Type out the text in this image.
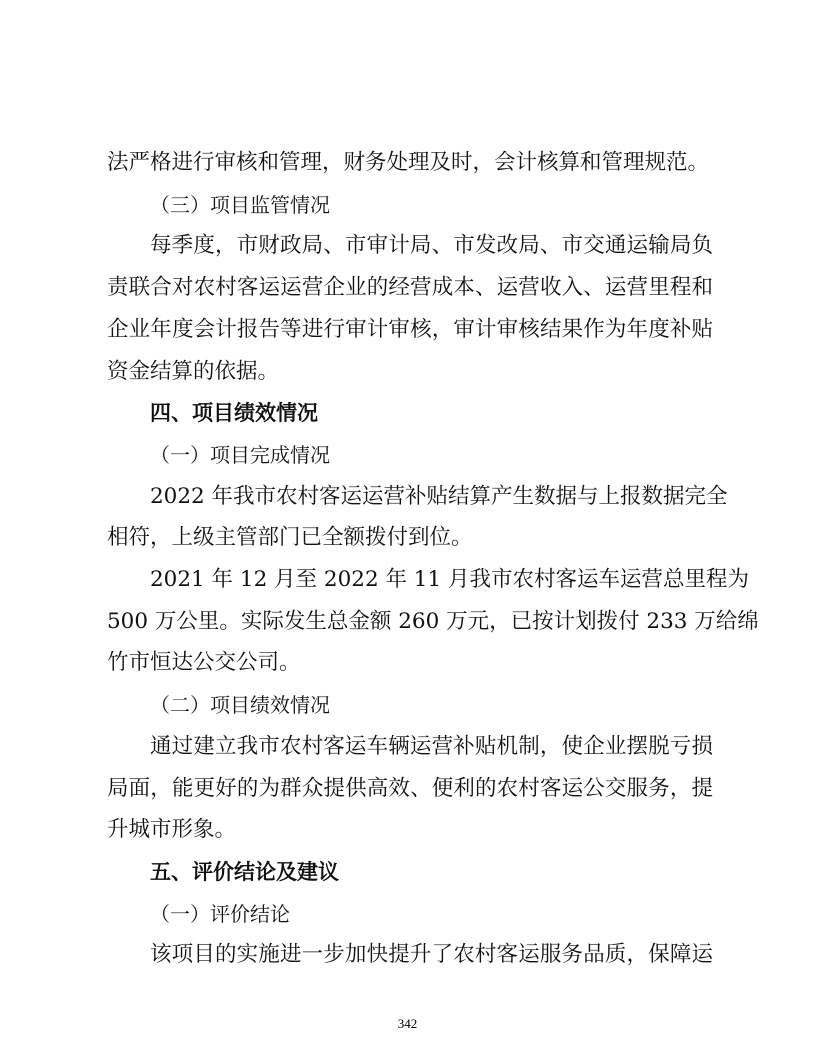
法严格进行审核和管理，财务处理及时，会计核算和管理规范。
（三）项目监管情况
每季度，市财政局、市审计局、市发改局、市交通运输局负
责联合对农村客运运营企业的经营成本、运营收入、运营里程和
企业年度会计报告等进行审计审核，审计审核结果作为年度补贴
资金结算的依据。
四、项目绩效情况
（一）项目完成情况
2022 年我市农村客运运营补贴结算产生数据与上报数据完全
相符，上级主管部门已全额拨付到位。
2021 年 12 月至 2022 年 11 月我市农村客运车运营总里程为
500 万公里。实际发生总金额 260 万元，已按计划拨付 233 万给绵
竹市恒达公交公司。
（二）项目绩效情况
通过建立我市农村客运车辆运营补贴机制，使企业摆脱亏损
局面，能更好的为群众提供高效、便利的农村客运公交服务，提
升城市形象。
五、评价结论及建议
（一）评价结论
该项目的实施进一步加快提升了农村客运服务品质，保障运
342
